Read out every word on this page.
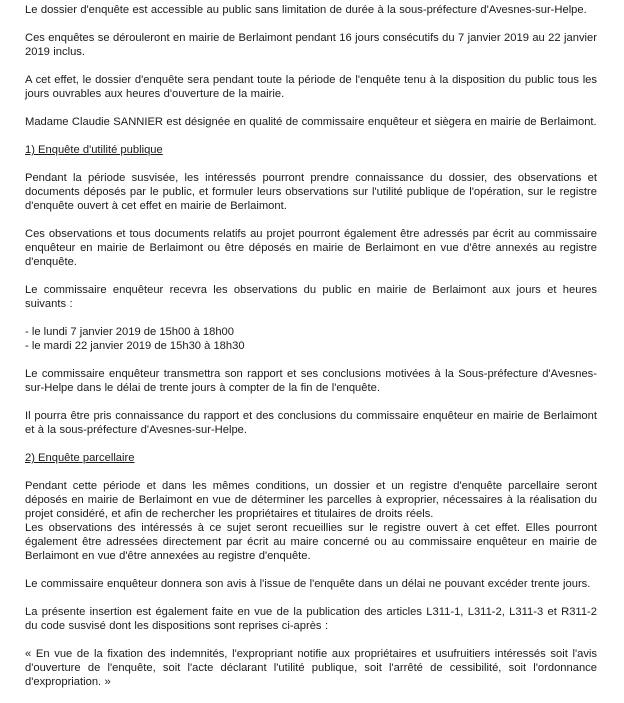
Le dossier d'enquête est accessible au public sans limitation de durée à la sous-préfecture d'Avesnes-sur-Helpe.

Ces enquêtes se dérouleront en mairie de Berlaimont pendant 16 jours consécutifs du 7 janvier 2019 au 22 janvier 2019 inclus.

A cet effet, le dossier d'enquête sera pendant toute la période de l'enquête tenu à la disposition du public tous les jours ouvrables aux heures d'ouverture de la mairie.

Madame Claudie SANNIER est désignée en qualité de commissaire enquêteur et siègera en mairie de Berlaimont.

1) Enquête d'utilité publique

Pendant la période susvisée, les intéressés pourront prendre connaissance du dossier, des observations et documents déposés par le public, et formuler leurs observations sur l'utilité publique de l'opération, sur le registre d'enquête ouvert à cet effet en mairie de Berlaimont.

Ces observations et tous documents relatifs au projet pourront également être adressés par écrit au commissaire enquêteur en mairie de Berlaimont ou être déposés en mairie de Berlaimont en vue d'être annexés au registre d'enquête.

Le commissaire enquêteur recevra les observations du public en mairie de Berlaimont aux jours et heures suivants :

- le lundi 7 janvier 2019 de 15h00 à 18h00
- le mardi 22 janvier 2019 de 15h30 à 18h30

Le commissaire enquêteur transmettra son rapport et ses conclusions motivées à la Sous-préfecture d'Avesnes-sur-Helpe dans le délai de trente jours à compter de la fin de l'enquête.

Il pourra être pris connaissance du rapport et des conclusions du commissaire enquêteur en mairie de Berlaimont et à la sous-préfecture d'Avesnes-sur-Helpe.

2) Enquête parcellaire

Pendant cette période et dans les mêmes conditions, un dossier et un registre d'enquête parcellaire seront déposés en mairie de Berlaimont en vue de déterminer les parcelles à exproprier, nécessaires à la réalisation du projet considéré, et afin de rechercher les propriétaires et titulaires de droits réels.

Les observations des intéressés à ce sujet seront recueillies sur le registre ouvert à cet effet. Elles pourront également être adressées directement par écrit au maire concerné ou au commissaire enquêteur en mairie de Berlaimont en vue d'être annexées au registre d'enquête.

Le commissaire enquêteur donnera son avis à l'issue de l'enquête dans un délai ne pouvant excéder trente jours.

La présente insertion est également faite en vue de la publication des articles L311-1, L311-2, L311-3 et R311-2 du code susvisé dont les dispositions sont reprises ci-après :

« En vue de la fixation des indemnités, l'expropriant notifie aux propriétaires et usufruitiers intéressés soit l'avis d'ouverture de l'enquête, soit l'acte déclarant l'utilité publique, soit l'arrêté de cessibilité, soit l'ordonnance d'expropriation. »
